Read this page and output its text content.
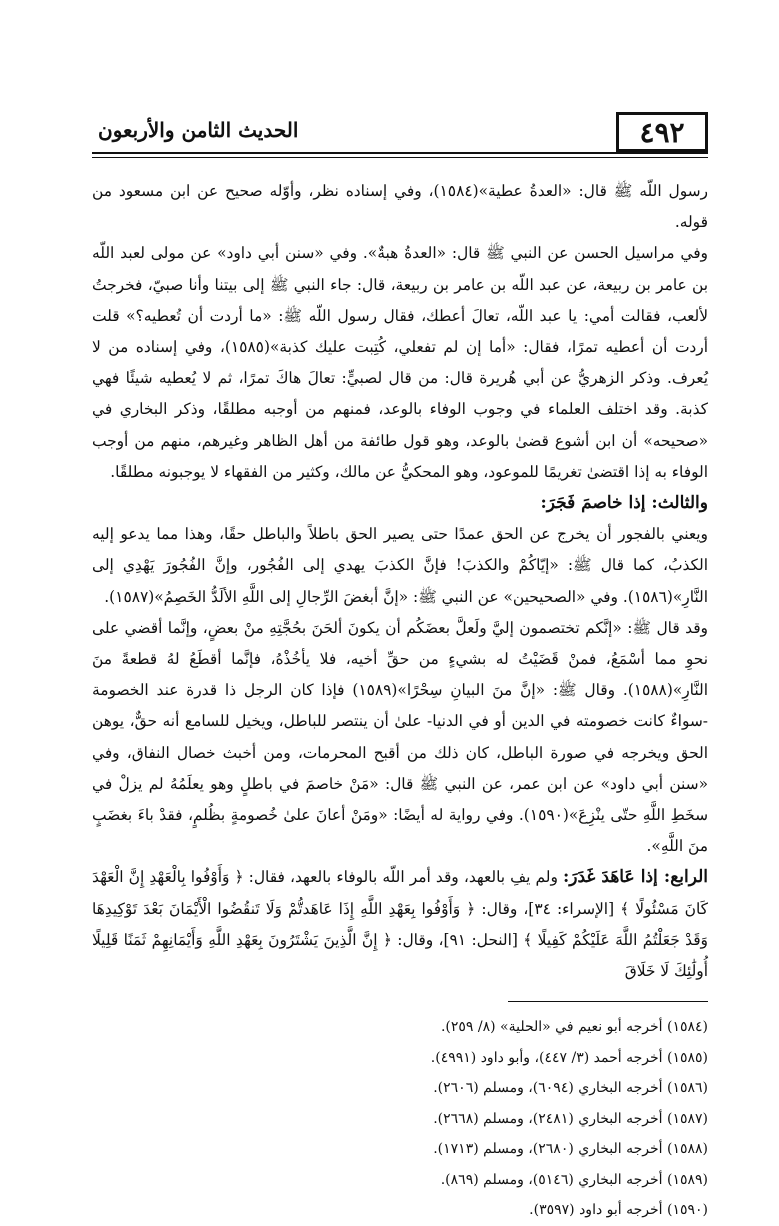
٤٩٢
الحديث الثامن والأربعون

رسول اللّه ﷺ قال: «العدةُ عطية»(١٥٨٤)، وفي إسناده نظر، وأوّله صحيح عن ابن مسعود من قوله.

وفي مراسيل الحسن عن النبي ﷺ قال: «العدةُ هبةٌ». وفي «سنن أبي داود» عن مولى لعبد اللّه بن عامر بن ربيعة، عن عبد اللّه بن عامر بن ربيعة، قال: جاء النبي ﷺ إلى بيتنا وأنا صبيّ، فخرجتُ لألعب، فقالت أمي: يا عبد اللّه، تعالَ أعطك، فقال رسول اللّه ﷺ: «ما أردت أن تُعطيه؟» قلت أردت أن أعطيه تمرًا، فقال: «أما إن لم تفعلي، كُتِبت عليك كذبة»(١٥٨٥)، وفي إسناده من لا يُعرف. وذكر الزهريُّ عن أبي هُريرة قال: من قال لصبيٍّ: تعالَ هاكَ تمرًا، ثم لا يُعطيه شيئًا فهي كذبة. وقد اختلف العلماء في وجوب الوفاء بالوعد، فمنهم من أوجبه مطلقًا، وذكر البخاري في «صحيحه» أن ابن أشوع قضىٰ بالوعد، وهو قول طائفة من أهل الظاهر وغيرهم، منهم من أوجب الوفاء به إذا اقتضىٰ تغريمًا للموعود، وهو المحكيُّ عن مالك، وكثير من الفقهاء لا يوجبونه مطلقًا.

والثالث: إذا خاصمَ فَجَرَ:

ويعني بالفجور أن يخرج عن الحق عمدًا حتى يصير الحق باطلاً والباطل حقًا، وهذا مما يدعو إليه الكذبُ، كما قال ﷺ: «إيّاكُمْ والكذبَ! فإنَّ الكذبَ يهدي إلى الفُجُور، وإنَّ الفُجُورَ يَهْدِي إلى النَّارِ»(١٥٨٦). وفي «الصحيحين» عن النبي ﷺ: «إنَّ أبغضَ الرِّجالِ إلى اللَّهِ الألَدُّ الخَصِمُ»(١٥٨٧).

وقد قال ﷺ: «إنَّكم تختصمون إليَّ ولَعلَّ بعضَكُم أن يكونَ ألحَنَ بحُجَّتِهِ منْ بعضٍ، وإنَّما أقضي على نحوِ مما أسْمَعُ، فمنْ قَضَيْتُ له بشيءٍ من حقِّ أخيه، فلا يأخُذْهُ، فإنَّما أقطَعُ لهُ قطعةً منَ النَّارِ»(١٥٨٨). وقال ﷺ: «إنَّ منَ البيانِ سِحْرًا»(١٥٨٩) فإذا كان الرجل ذا قدرة عند الخصومة -سواءٌ كانت خصومته في الدين أو في الدنيا- علىٰ أن ينتصر للباطل، ويخيل للسامع أنه حقٌّ، يوهن الحق ويخرجه في صورة الباطل، كان ذلك من أقبح المحرمات، ومن أخبث خصال النفاق، وفي «سنن أبي داود» عن ابن عمر، عن النبي ﷺ قال: «مَنْ خاصمَ في باطلٍ وهو يعلَمُهُ لم يزلْ في سخَطِ اللَّهِ حتّى ينْزِعَ»(١٥٩٠). وفي رواية له أيضًا: «ومَنْ أعانَ علىٰ خُصومةٍ بظُلمٍ، فقدْ باءَ بغضَبٍ منَ اللَّهِ».

الرابع: إذا عَاهَدَ غَدَرَ: ولم يفِ بالعهد، وقد أمر اللّه بالوفاء بالعهد، فقال: ﴿ وَأَوْفُوا بِالْعَهْدِ إِنَّ الْعَهْدَ كَانَ مَسْئُولًا ﴾ [الإسراء: ٣٤]، وقال: ﴿ وَأَوْفُوا بِعَهْدِ اللَّهِ إِذَا عَاهَدتُّمْ وَلَا تَنقُضُوا الْأَيْمَانَ بَعْدَ تَوْكِيدِهَا وَقَدْ جَعَلْتُمُ اللَّهَ عَلَيْكُمْ كَفِيلًا ﴾ [النحل: ٩١]، وقال: ﴿ إِنَّ الَّذِينَ يَشْتَرُونَ بِعَهْدِ اللَّهِ وَأَيْمَانِهِمْ ثَمَنًا قَلِيلًا أُولَٰئِكَ لَا خَلَاقَ

(١٥٨٤) أخرجه أبو نعيم في «الحلية» (٨/ ٢٥٩).
(١٥٨٥) أخرجه أحمد (٣/ ٤٤٧)، وأبو داود (٤٩٩١).
(١٥٨٦) أخرجه البخاري (٦٠٩٤)، ومسلم (٢٦٠٦).
(١٥٨٧) أخرجه البخاري (٢٤٨١)، ومسلم (٢٦٦٨).
(١٥٨٨) أخرجه البخاري (٢٦٨٠)، ومسلم (١٧١٣).
(١٥٨٩) أخرجه البخاري (٥١٤٦)، ومسلم (٨٦٩).
(١٥٩٠) أخرجه أبو داود (٣٥٩٧).
